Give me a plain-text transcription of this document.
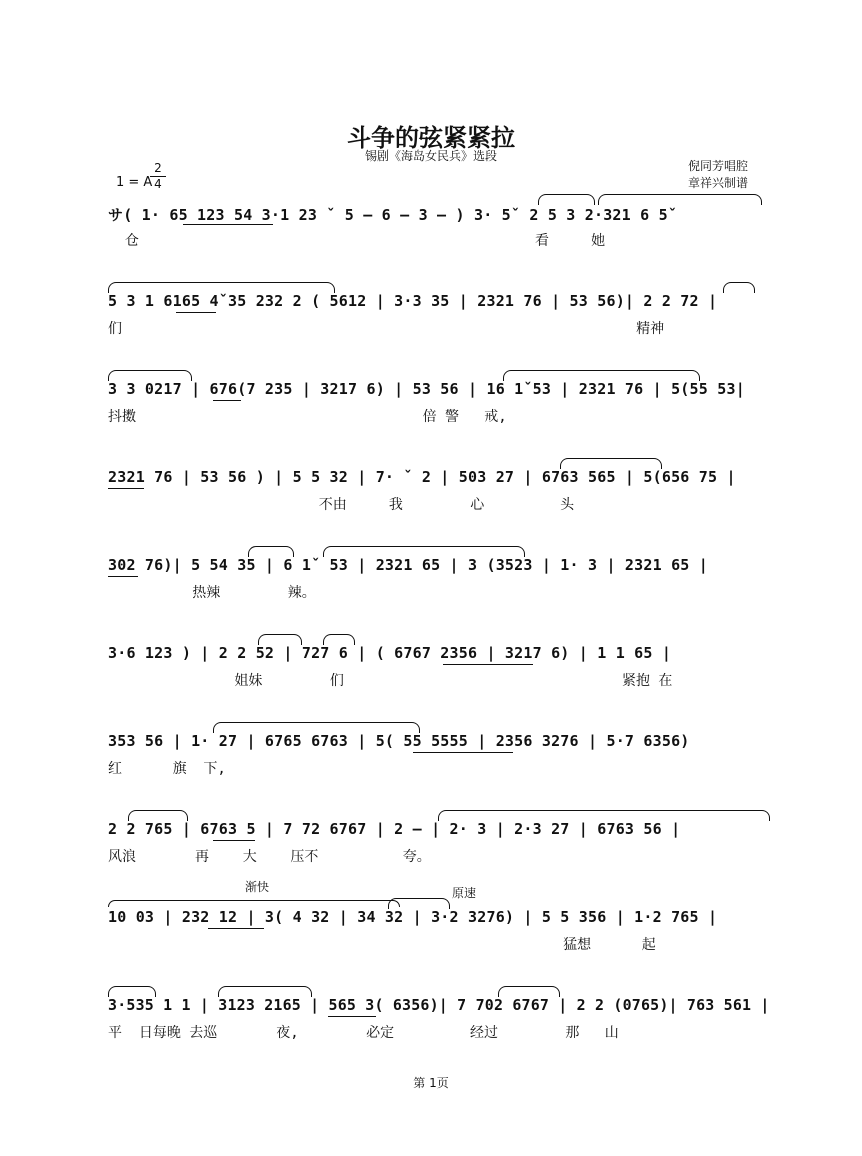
斗争的弦紧紧拉
锡剧《海岛女民兵》选段
倪同芳唱腔
章祥兴制谱
1 = A
2
4
サ( 1· 65 123 54 3·1 23 ˇ 5 – 6 – 3 – ) 3· 5ˇ 2 5 3 2·321 6 5ˇ
仓                                               看     她
5 3 1 6165 4ˇ35 232 2 ( 5612 | 3·3 35 | 2321 76 | 53 56)| 2 2 72 |
们                                                             精神
3 3 0217 | 676(7 235 | 3217 6) | 53 56 | 16 1ˇ53 | 2321 76 | 5(55 53|
抖擞                                  倍 警   戒,
2321 76 | 53 56 ) | 5 5 32 | 7· ˇ 2 | 503 27 | 6763 565 | 5(656 75 |
不由     我        心         头
302 76)| 5 54 35 | 6 1ˇ 53 | 2321 65 | 3 (3523 | 1· 3 | 2321 65 |
热辣        辣。
3·6 123 ) | 2 2 52 | 727 6 | ( 6767 2356 | 3217 6) | 1 1 65 |
姐妹        们                                 紧抱 在
353 56 | 1· 27 | 6765 6763 | 5( 55 5555 | 2356 3276 | 5·7 6356)
红      旗  下,
2 2 765 | 6763 5 | 7 72 6767 | 2 – | 2· 3 | 2·3 27 | 6763 56 |
风浪       再    大    压不          夸。
渐快	原速
10 03 | 232 12 | 3( 4 32 | 34 32 | 3·2 3276) | 5 5 356 | 1·2 765 |
猛想      起
3·535 1 1 | 3123 2165 | 565 3( 6356)| 7 702 6767 | 2 2 (0765)| 763 561 |
平  日每晚 去巡       夜,        必定         经过        那   山
第 1页
